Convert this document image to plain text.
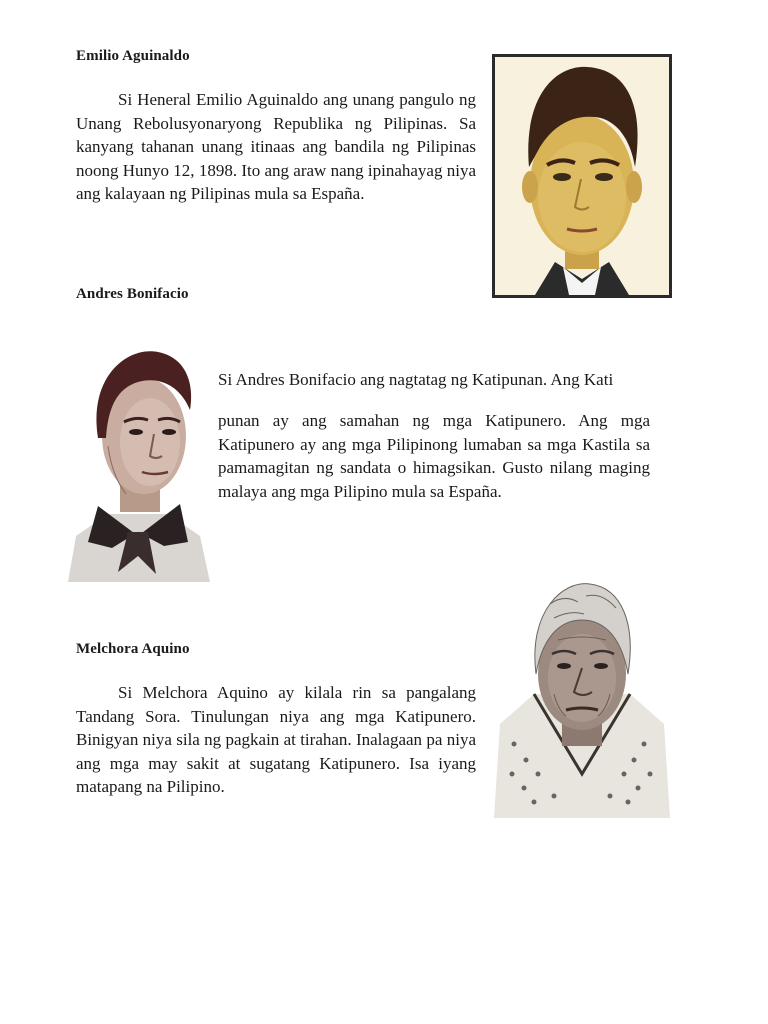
Emilio Aguinaldo
Si Heneral Emilio Aguinaldo ang unang pangulo ng Unang Rebolusyonaryong Republika ng Pilipinas. Sa kanyang tahanan unang itinaas ang bandila ng Pilipinas noong Hunyo 12, 1898. Ito ang araw nang ipinahayag niya ang kalayaan ng Pilipinas mula sa España.
Andres Bonifacio
Si Andres Bonifacio ang nagtatag ng Katipunan. Ang Kati
punan ay ang samahan ng mga Katipunero. Ang mga Katipunero ay ang mga Pilipinong lumaban sa mga Kastila sa pamamagitan ng sandata o himagsikan. Gusto nilang maging malaya ang mga Pilipino mula sa España.
Melchora Aquino
Si Melchora Aquino ay kilala rin sa pangalang Tandang Sora. Tinulungan niya ang mga Katipunero. Binigyan niya sila ng pagkain at tirahan. Inalagaan pa niya ang mga may sakit at sugatang Katipunero. Isa iyang matapang na Pilipino.
